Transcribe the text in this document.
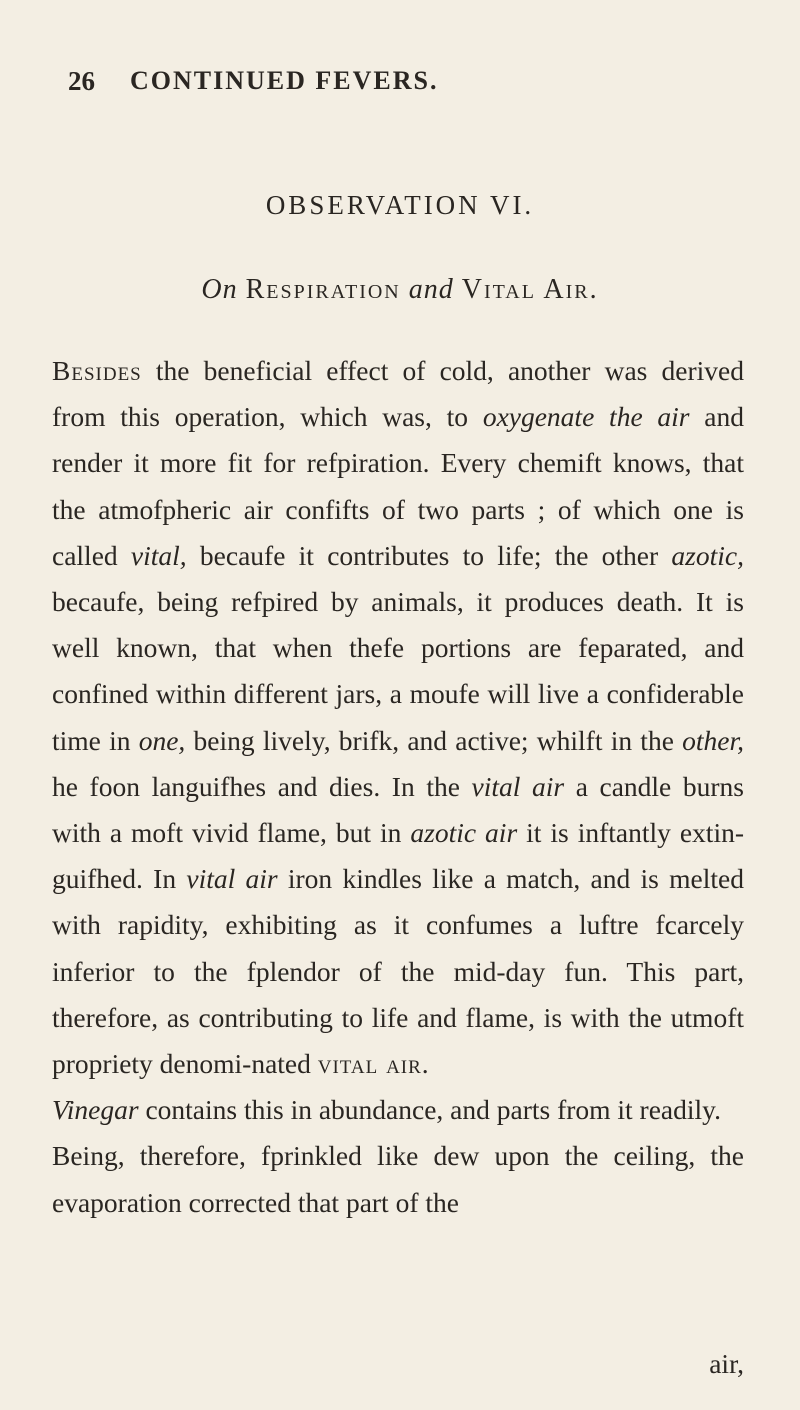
26 CONTINUED FEVERS.
OBSERVATION VI.
On Respiration and Vital Air.

Besides the beneficial effect of cold, another was derived from this operation, which was, to oxygenate the air and render it more fit for refpiration. Every chemift knows, that the atmofpheric air confifts of two parts ; of which one is called vital, becaufe it contributes to life; the other azotic, becaufe, being refpired by animals, it produces death. It is well known, that when thefe portions are feparated, and confined within different jars, a moufe will live a confiderable time in one, being lively, brifk, and active; whilft in the other, he foon languifhes and dies. In the vital air a candle burns with a moft vivid flame, but in azotic air it is inftantly extin-guifhed. In vital air iron kindles like a match, and is melted with rapidity, exhibiting as it confumes a luftre fcarcely inferior to the fplendor of the mid-day fun. This part, therefore, as contributing to life and flame, is with the utmoft propriety denomi-nated vital air.

Vinegar contains this in abundance, and parts from it readily.

Being, therefore, fprinkled like dew upon the ceiling, the evaporation corrected that part of the

air,
